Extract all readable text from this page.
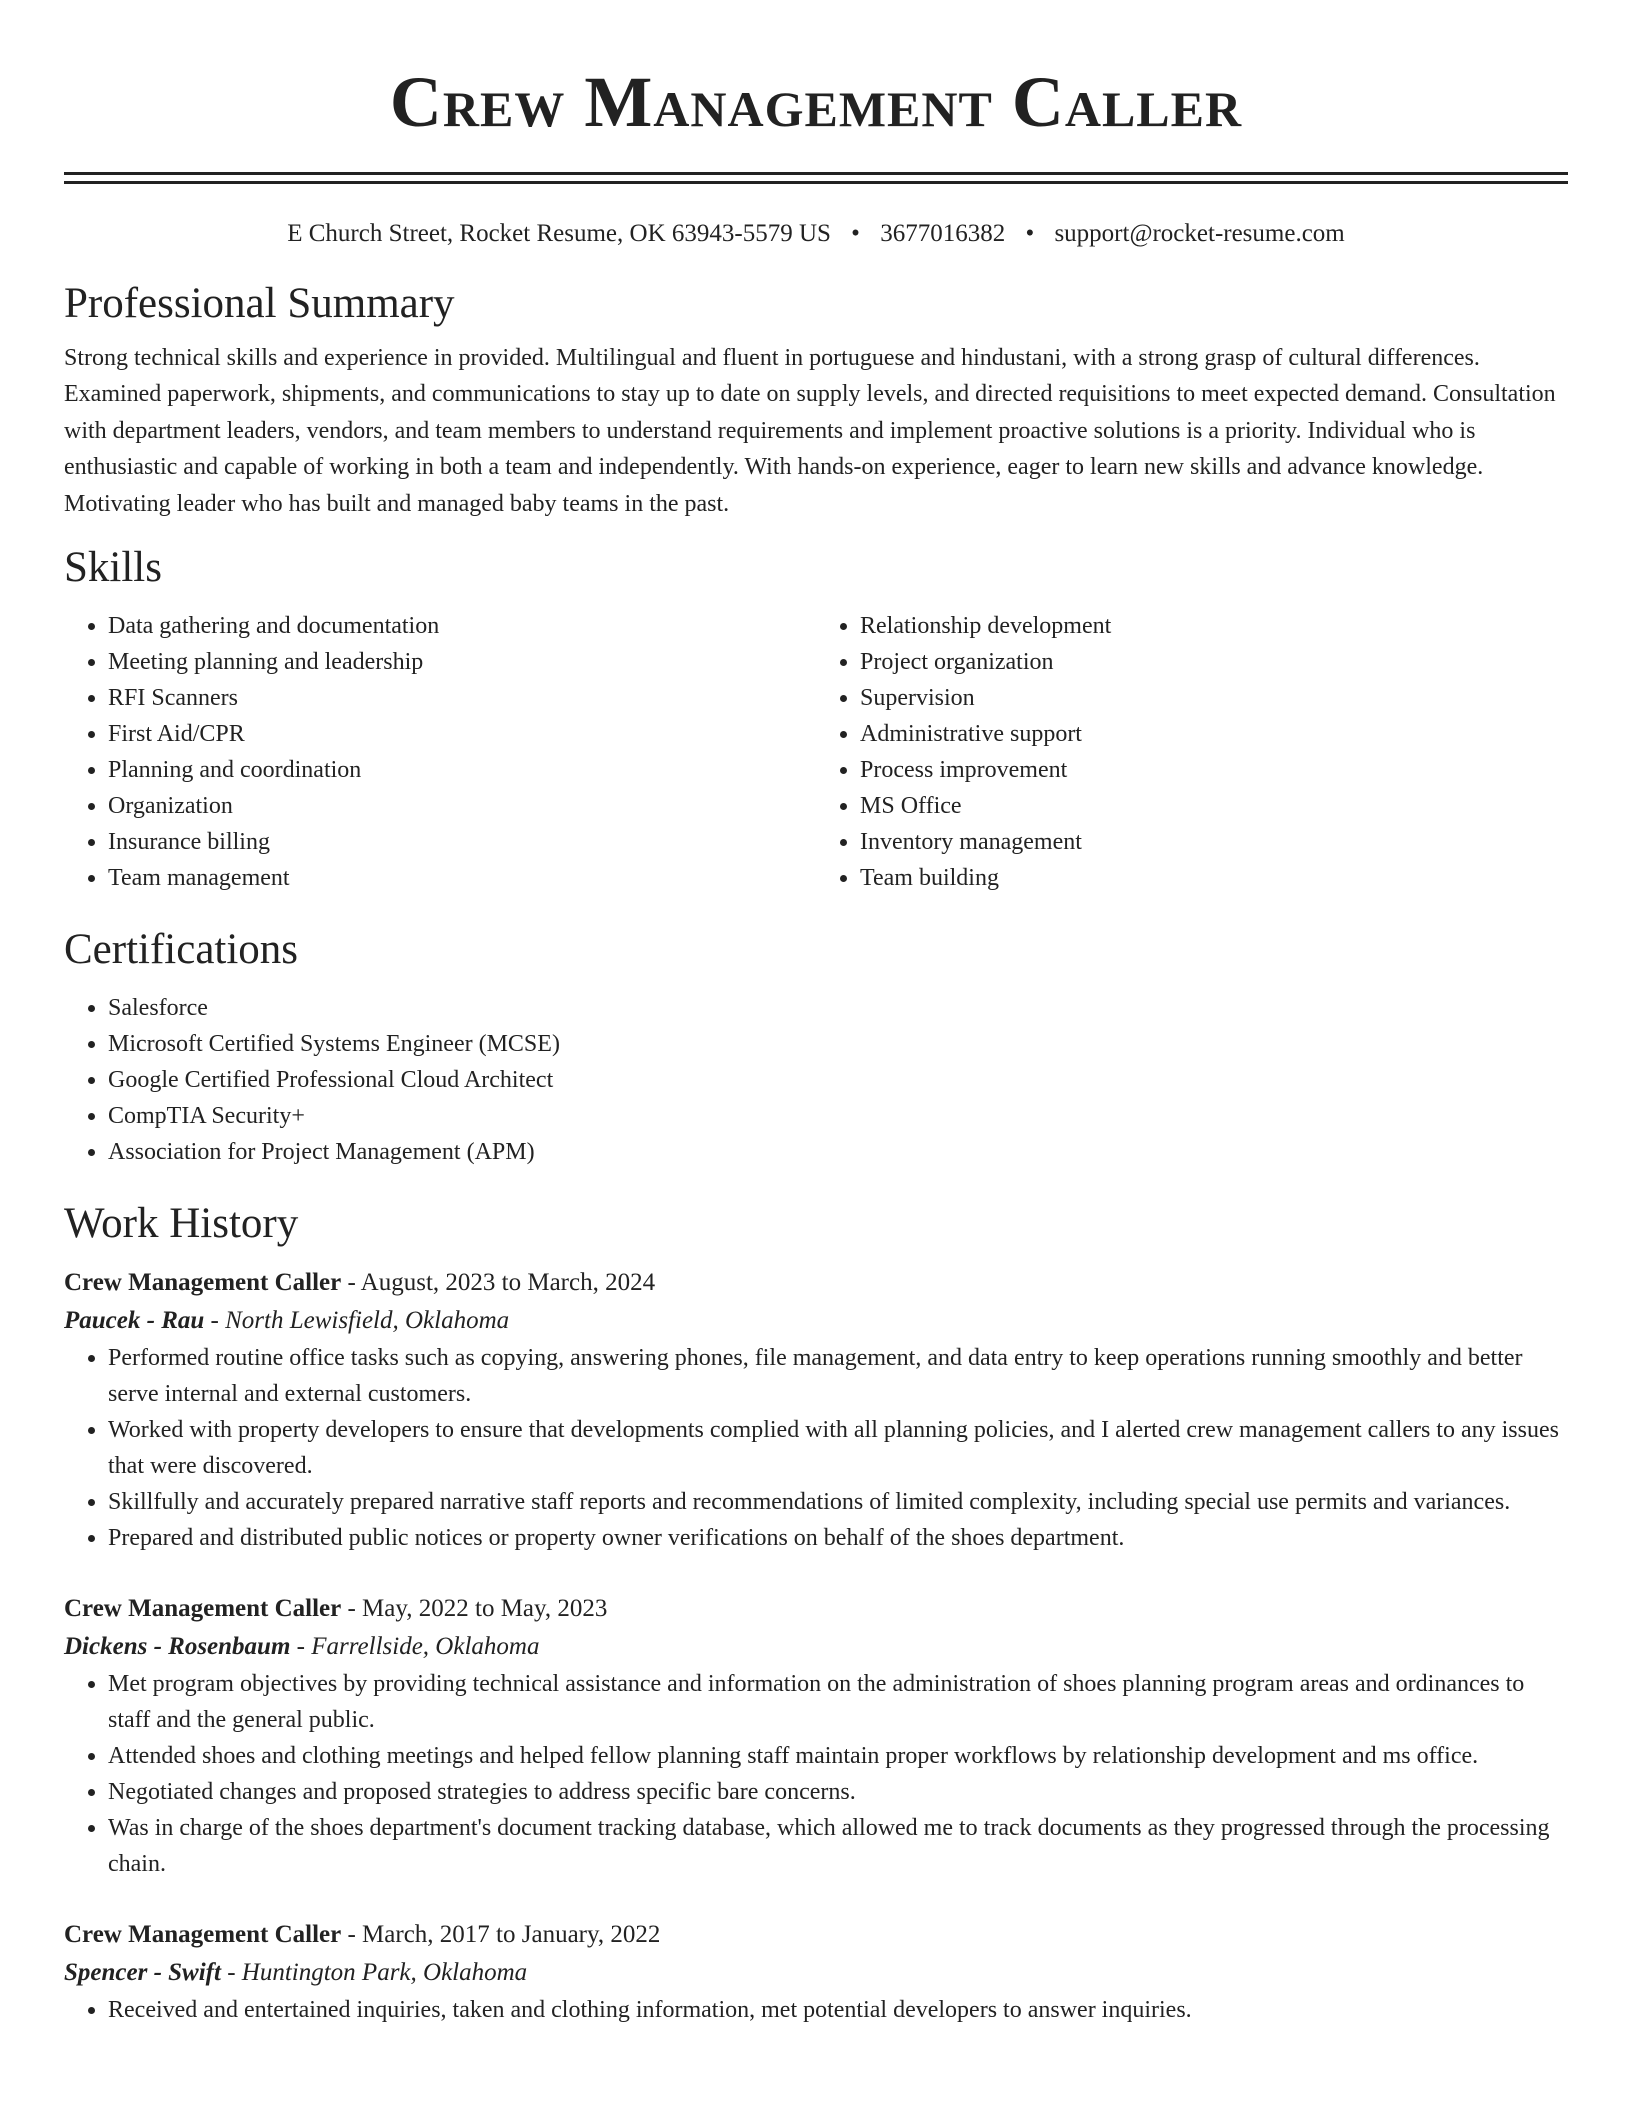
Crew Management Caller
E Church Street, Rocket Resume, OK 63943-5579 US • 3677016382 • support@rocket-resume.com
Professional Summary

Strong technical skills and experience in provided. Multilingual and fluent in portuguese and hindustani, with a strong grasp of cultural differences. Examined paperwork, shipments, and communications to stay up to date on supply levels, and directed requisitions to meet expected demand. Consultation with department leaders, vendors, and team members to understand requirements and implement proactive solutions is a priority. Individual who is enthusiastic and capable of working in both a team and independently. With hands-on experience, eager to learn new skills and advance knowledge. Motivating leader who has built and managed baby teams in the past.

Skills
• Data gathering and documentation
• Meeting planning and leadership
• RFI Scanners
• First Aid/CPR
• Planning and coordination
• Organization
• Insurance billing
• Team management
• Relationship development
• Project organization
• Supervision
• Administrative support
• Process improvement
• MS Office
• Inventory management
• Team building
Certifications
• Salesforce
• Microsoft Certified Systems Engineer (MCSE)
• Google Certified Professional Cloud Architect
• CompTIA Security+
• Association for Project Management (APM)
Work History
Crew Management Caller - August, 2023 to March, 2024
Paucek - Rau - North Lewisfield, Oklahoma
• Performed routine office tasks such as copying, answering phones, file management, and data entry to keep operations running smoothly and better serve internal and external customers.
• Worked with property developers to ensure that developments complied with all planning policies, and I alerted crew management callers to any issues that were discovered.
• Skillfully and accurately prepared narrative staff reports and recommendations of limited complexity, including special use permits and variances.
• Prepared and distributed public notices or property owner verifications on behalf of the shoes department.
Crew Management Caller - May, 2022 to May, 2023
Dickens - Rosenbaum - Farrellside, Oklahoma
• Met program objectives by providing technical assistance and information on the administration of shoes planning program areas and ordinances to staff and the general public.
• Attended shoes and clothing meetings and helped fellow planning staff maintain proper workflows by relationship development and ms office.
• Negotiated changes and proposed strategies to address specific bare concerns.
• Was in charge of the shoes department's document tracking database, which allowed me to track documents as they progressed through the processing chain.
Crew Management Caller - March, 2017 to January, 2022
Spencer - Swift - Huntington Park, Oklahoma
• Received and entertained inquiries, taken and clothing information, met potential developers to answer inquiries.
